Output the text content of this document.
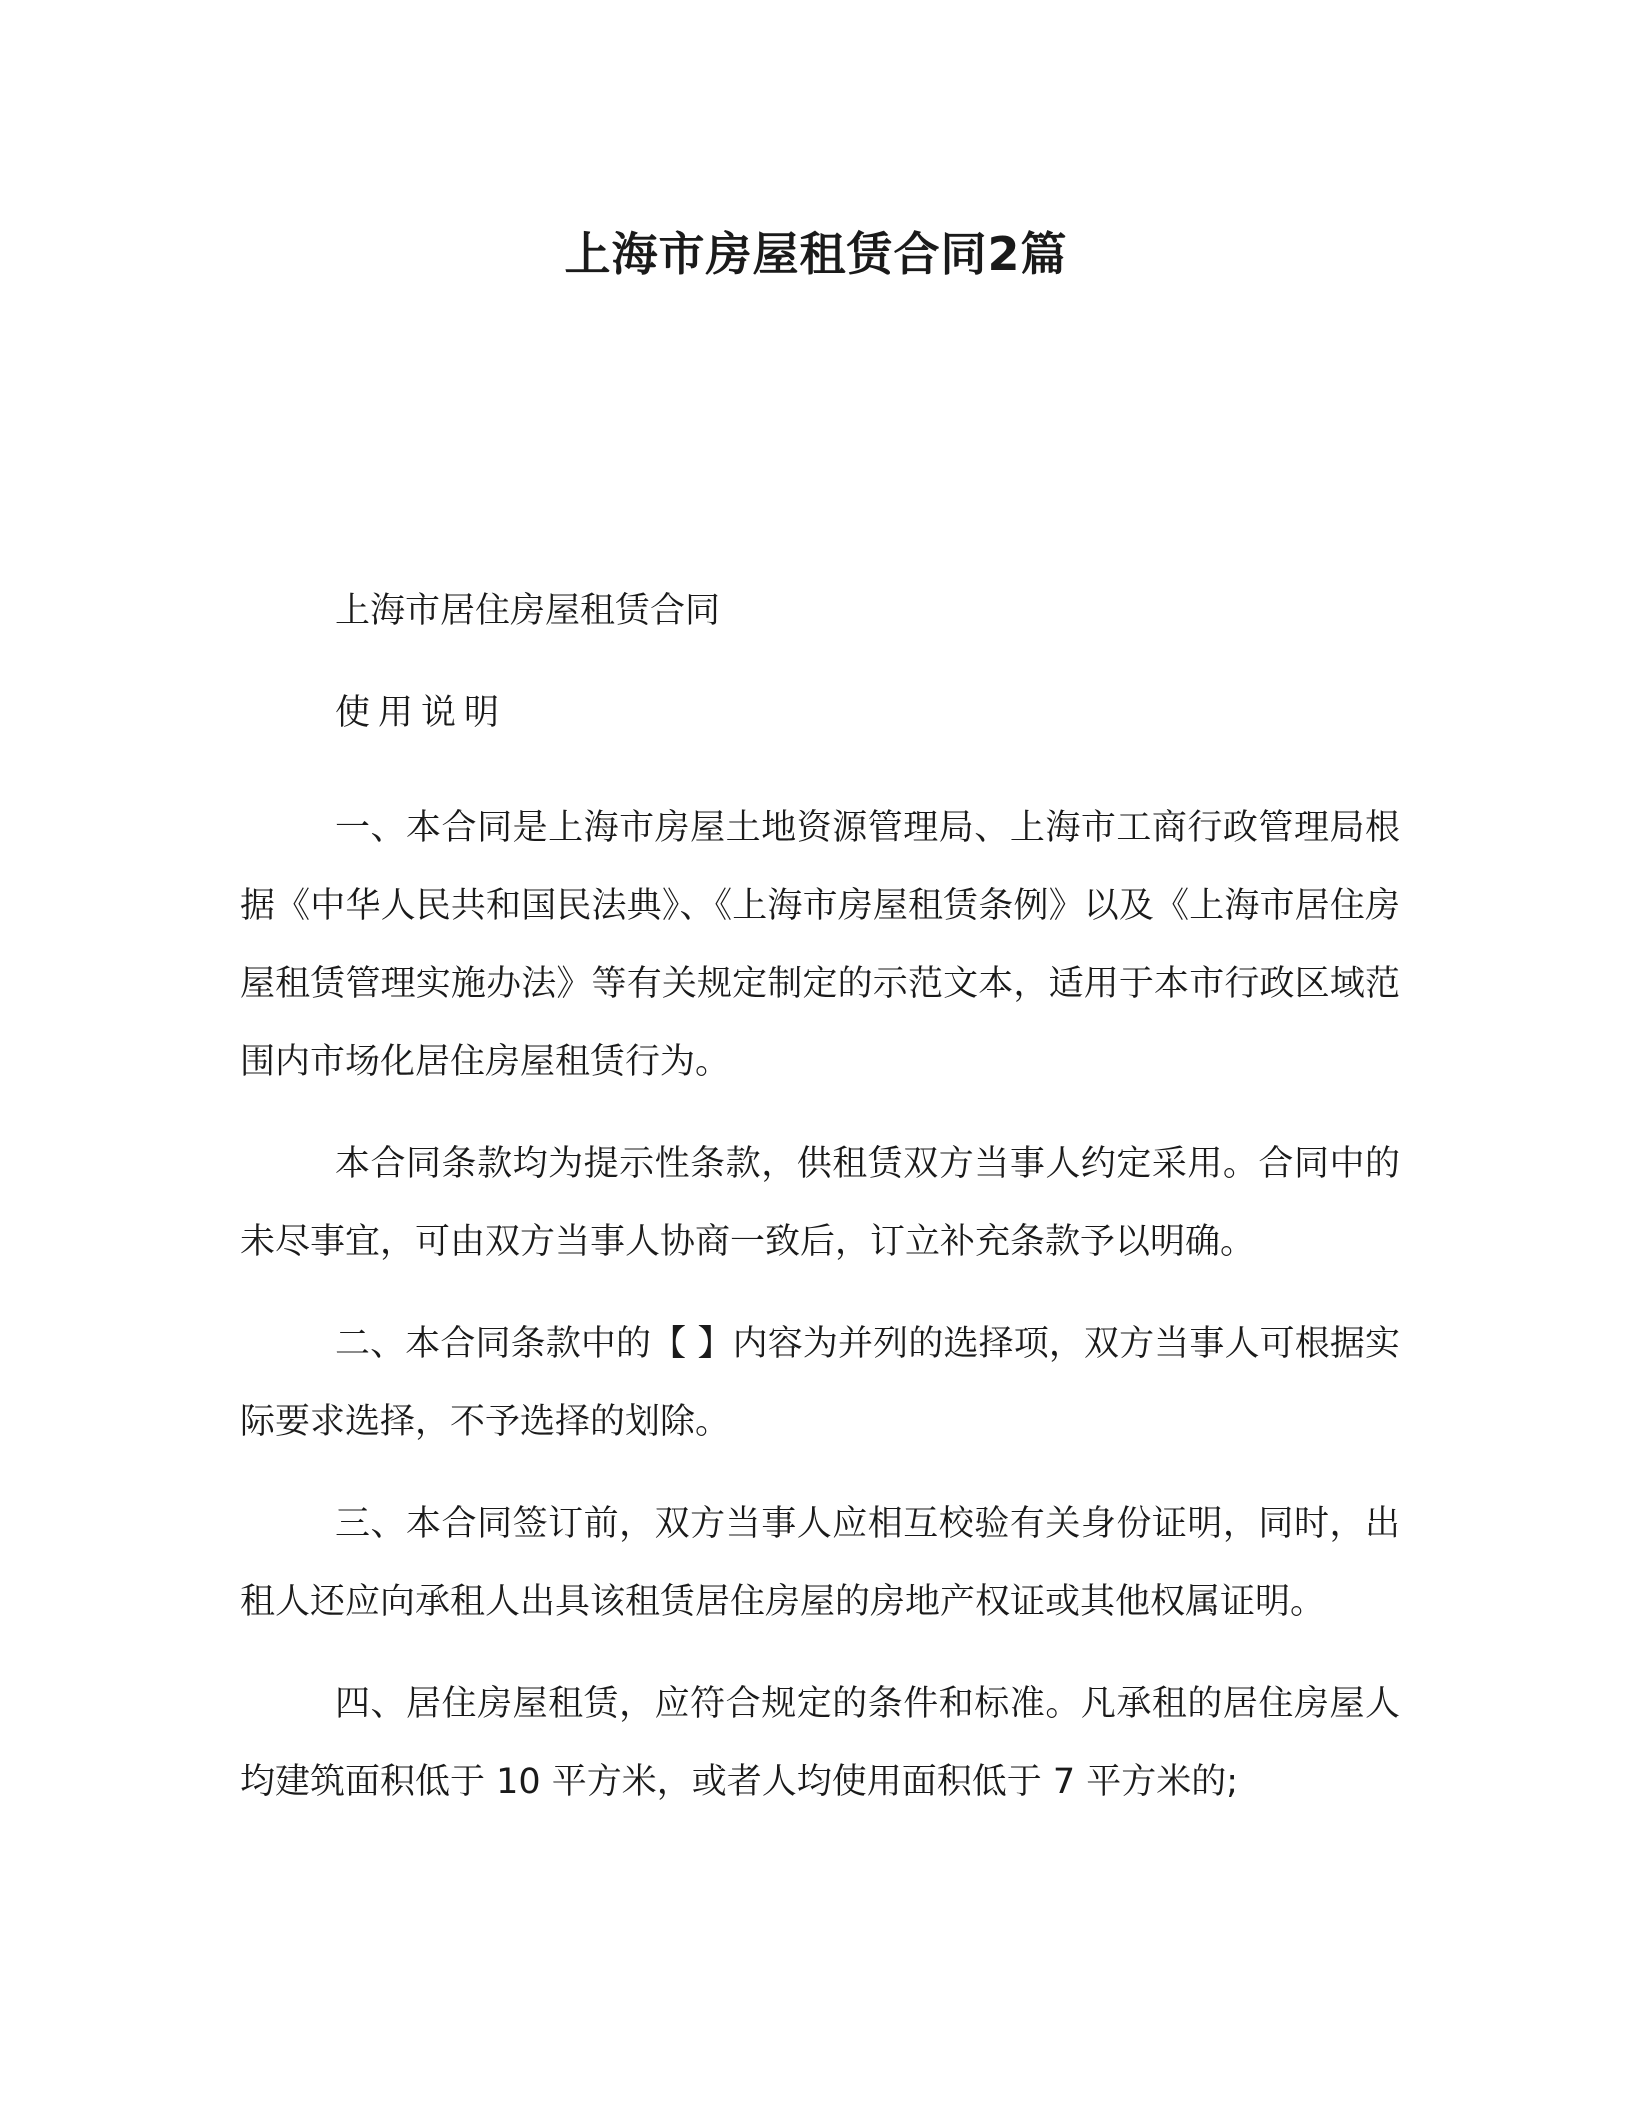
上海市房屋租赁合同2篇

上海市居住房屋租赁合同

使用说明

一、本合同是上海市房屋土地资源管理局、上海市工商行政管理局根据《中华人民共和国民法典》、《上海市房屋租赁条例》以及《上海市居住房屋租赁管理实施办法》等有关规定制定的示范文本，适用于本市行政区域范围内市场化居住房屋租赁行为。

本合同条款均为提示性条款，供租赁双方当事人约定采用。合同中的未尽事宜，可由双方当事人协商一致后，订立补充条款予以明确。

二、本合同条款中的【 】内容为并列的选择项，双方当事人可根据实际要求选择，不予选择的划除。

三、本合同签订前，双方当事人应相互校验有关身份证明，同时，出租人还应向承租人出具该租赁居住房屋的房地产权证或其他权属证明。

四、居住房屋租赁，应符合规定的条件和标准。凡承租的居住房屋人均建筑面积低于 10 平方米，或者人均使用面积低于 7 平方米的;
